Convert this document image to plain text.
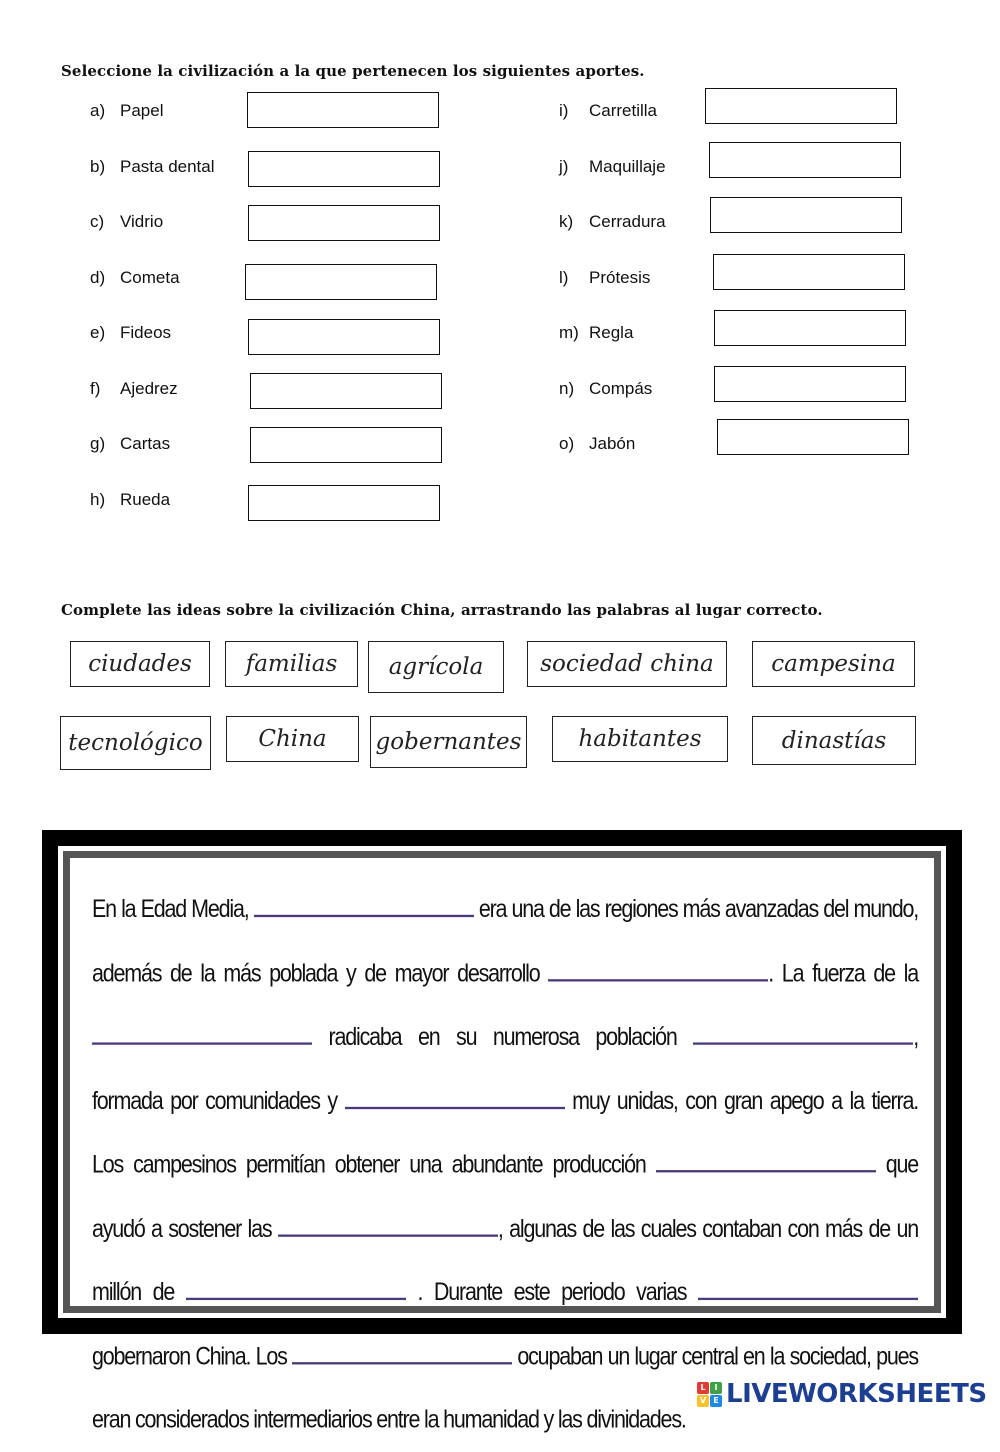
Seleccione la civilización a la que pertenecen los siguientes aportes.
a) Papel
b) Pasta dental
c) Vidrio
d) Cometa
e) Fideos
f)	Ajedrez
g) Cartas
h) Rueda
i)	Carretilla
j)	Maquillaje
k) Cerradura
l)	Prótesis
m) Regla
n) Compás
o) Jabón
Complete las ideas sobre la civilización China, arrastrando las palabras al lugar correcto.
ciudades	familias	agrícola	sociedad china	campesina
tecnológico	China	gobernantes	habitantes	dinastías
En la Edad Media,	era una de las regiones más avanzadas del mundo, además de la más poblada y de mayor desarrollo	. La fuerza de la  radicaba en su numerosa población	, formada por comunidades y	muy unidas, con gran apego a la tierra. Los campesinos permitían obtener una abundante producción	que ayudó a sostener las	, algunas de las cuales contaban con más de un millón de	. Durante este periodo varias  gobernaron China. Los	ocupaban un lugar central en la sociedad, pues eran considerados intermediarios entre la humanidad y las divinidades.
L	I
V E LIVEWORKSHEETS
